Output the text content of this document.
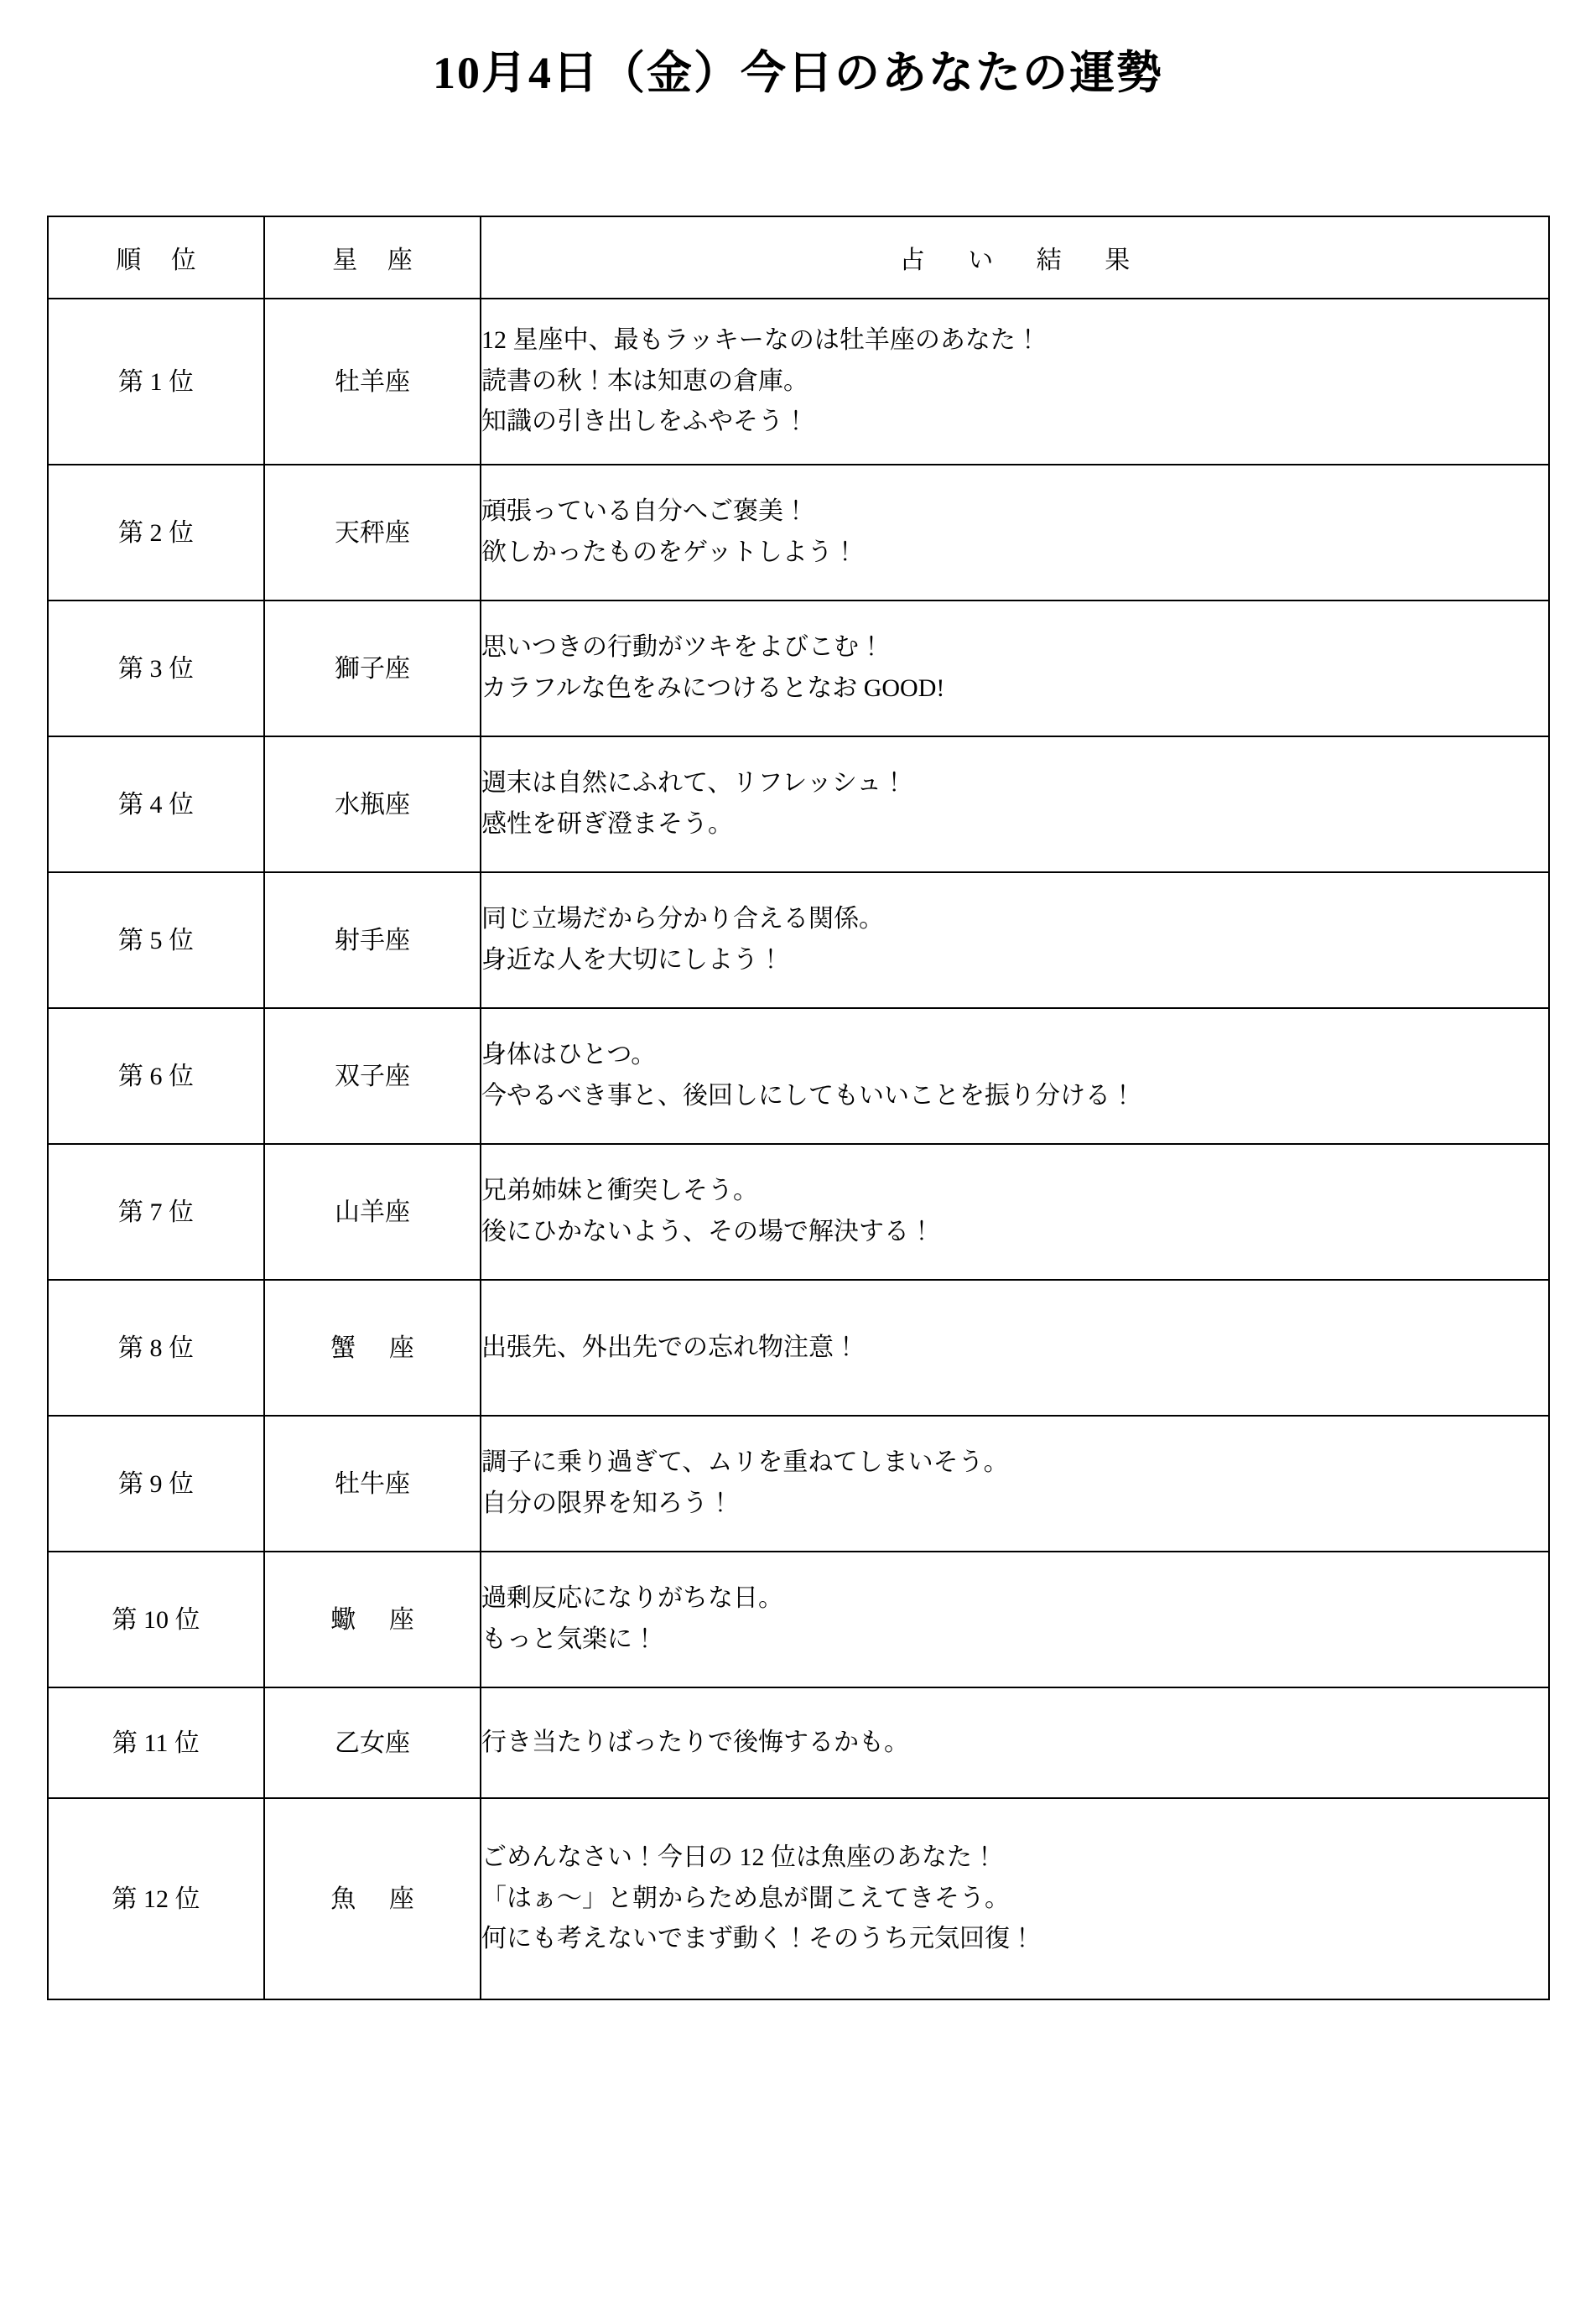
10月4日（金）今日のあなたの運勢
順 位	星 座	占 い 結 果
第 1 位	牡羊座	12 星座中、最もラッキーなのは牡羊座のあなた！
読書の秋！本は知恵の倉庫。
知識の引き出しをふやそう！

第 2 位	天秤座	頑張っている自分へご褒美！
欲しかったものをゲットしよう！

第 3 位	獅子座	思いつきの行動がツキをよびこむ！
カラフルな色をみにつけるとなお GOOD!

第 4 位	水瓶座	週末は自然にふれて、リフレッシュ！
感性を研ぎ澄まそう。

第 5 位	射手座	同じ立場だから分かり合える関係。
身近な人を大切にしよう！

第 6 位	双子座	身体はひとつ。
今やるべき事と、後回しにしてもいいことを振り分ける！

第 7 位	山羊座	兄弟姉妹と衝突しそう。
後にひかないよう、その場で解決する！

第 8 位	蟹 座	出張先、外出先での忘れ物注意！

第 9 位	牡牛座	調子に乗り過ぎて、ムリを重ねてしまいそう。
自分の限界を知ろう！

第 10 位	蠍 座	過剰反応になりがちな日。
もっと気楽に！

第 11 位	乙女座	行き当たりばったりで後悔するかも。

第 12 位	魚 座	ごめんなさい！今日の 12 位は魚座のあなた！
「はぁ〜」と朝からため息が聞こえてきそう。
何にも考えないでまず動く！そのうち元気回復！
